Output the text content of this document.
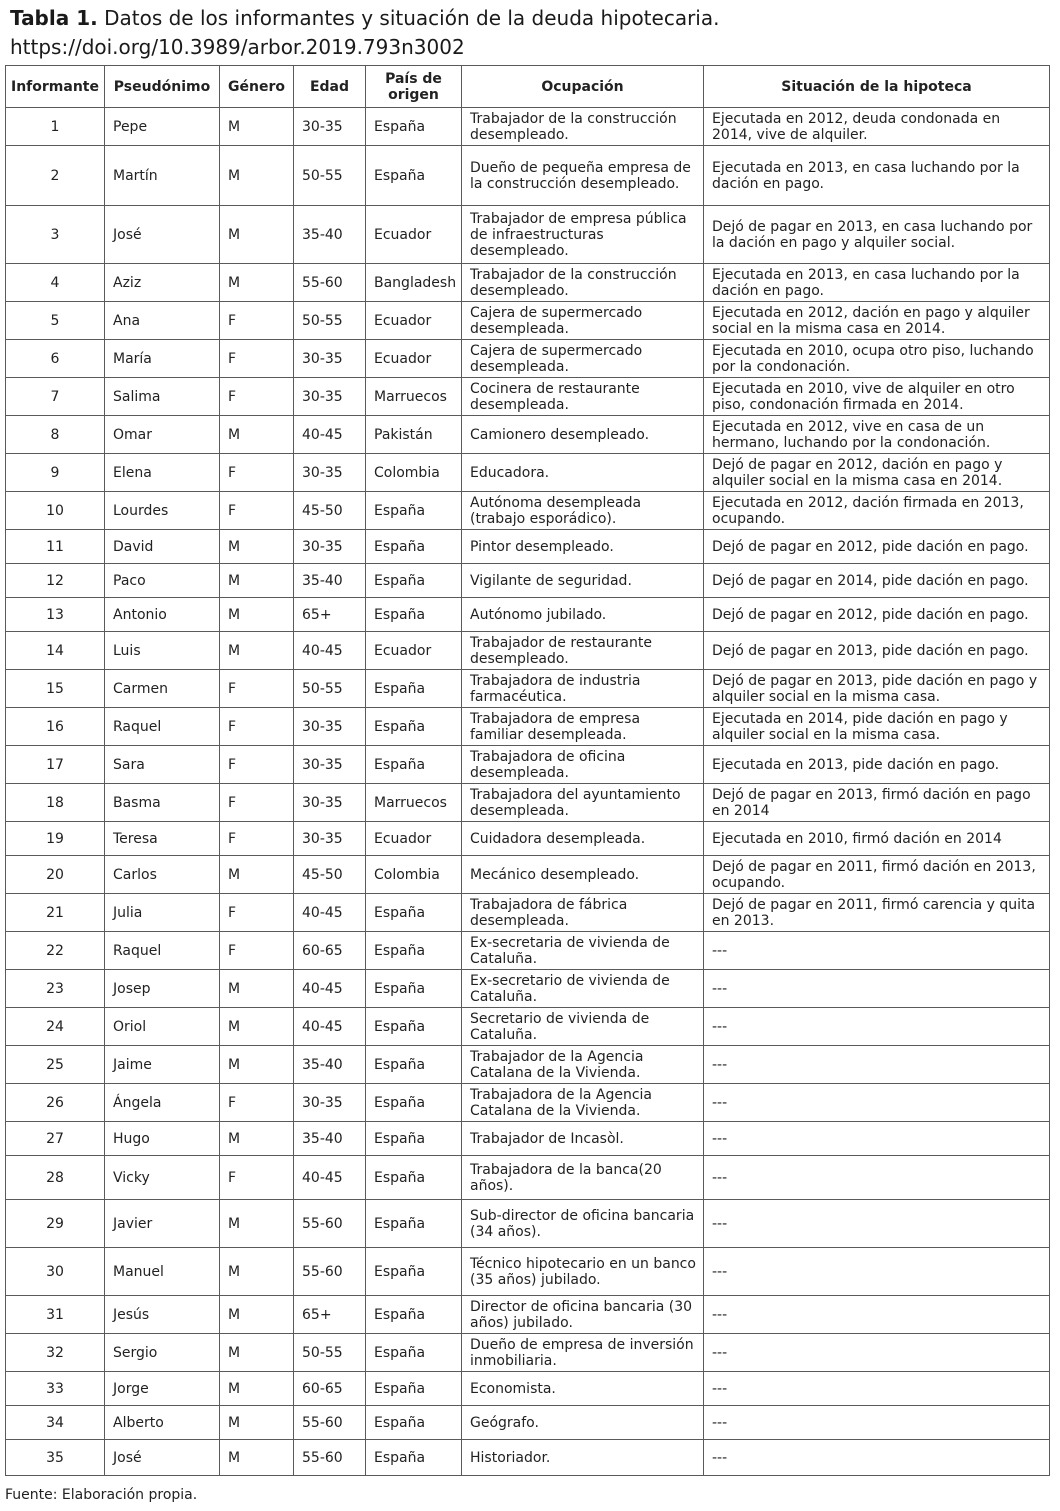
Tabla 1. Datos de los informantes y situación de la deuda hipotecaria.
https://doi.org/10.3989/arbor.2019.793n3002
Informante	Pseudónimo	Género	Edad	País de origen	Ocupación	Situación de la hipoteca
1	Pepe	M	30-35	España	Trabajador de la construcción desempleado.	Ejecutada en 2012, deuda condonada en 2014, vive de alquiler.
2	Martín	M	50-55	España	Dueño de pequeña empresa de la construcción desempleado.	Ejecutada en 2013, en casa luchando por la dación en pago.
3	José	M	35-40	Ecuador	Trabajador de empresa pública de infraestructuras desempleado.	Dejó de pagar en 2013, en casa luchando por la dación en pago y alquiler social.
4	Aziz	M	55-60	Bangladesh	Trabajador de la construcción desempleado.	Ejecutada en 2013, en casa luchando por la dación en pago.
5	Ana	F	50-55	Ecuador	Cajera de supermercado desempleada.	Ejecutada en 2012, dación en pago y alquiler social en la misma casa en 2014.
6	María	F	30-35	Ecuador	Cajera de supermercado desempleada.	Ejecutada en 2010, ocupa otro piso, luchando por la condonación.
7	Salima	F	30-35	Marruecos	Cocinera de restaurante desempleada.	Ejecutada en 2010, vive de alquiler en otro piso, condonación firmada en 2014.
8	Omar	M	40-45	Pakistán	Camionero desempleado.	Ejecutada en 2012, vive en casa de un hermano, luchando por la condonación.
9	Elena	F	30-35	Colombia	Educadora.	Dejó de pagar en 2012, dación en pago y alquiler social en la misma casa en 2014.
10	Lourdes	F	45-50	España	Autónoma desempleada (trabajo esporádico).	Ejecutada en 2012, dación firmada en 2013, ocupando.
11	David	M	30-35	España	Pintor desempleado.	Dejó de pagar en 2012, pide dación en pago.
12	Paco	M	35-40	España	Vigilante de seguridad.	Dejó de pagar en 2014, pide dación en pago.
13	Antonio	M	65+	España	Autónomo jubilado.	Dejó de pagar en 2012, pide dación en pago.
14	Luis	M	40-45	Ecuador	Trabajador de restaurante desempleado.	Dejó de pagar en 2013, pide dación en pago.
15	Carmen	F	50-55	España	Trabajadora de industria farmacéutica.	Dejó de pagar en 2013, pide dación en pago y alquiler social en la misma casa.
16	Raquel	F	30-35	España	Trabajadora de empresa familiar desempleada.	Ejecutada en 2014, pide dación en pago y alquiler social en la misma casa.
17	Sara	F	30-35	España	Trabajadora de oficina desempleada.	Ejecutada en 2013, pide dación en pago.
18	Basma	F	30-35	Marruecos	Trabajadora del ayuntamiento desempleada.	Dejó de pagar en 2013, firmó dación en pago en 2014
19	Teresa	F	30-35	Ecuador	Cuidadora desempleada.	Ejecutada en 2010, firmó dación en 2014
20	Carlos	M	45-50	Colombia	Mecánico desempleado.	Dejó de pagar en 2011, firmó dación en 2013, ocupando.
21	Julia	F	40-45	España	Trabajadora de fábrica desempleada.	Dejó de pagar en 2011, firmó carencia y quita en 2013.
22	Raquel	F	60-65	España	Ex-secretaria de vivienda de Cataluña.	---
23	Josep	M	40-45	España	Ex-secretario de vivienda de Cataluña.	---
24	Oriol	M	40-45	España	Secretario de vivienda de Cataluña.	---
25	Jaime	M	35-40	España	Trabajador de la Agencia Catalana de la Vivienda.	---
26	Ángela	F	30-35	España	Trabajadora de la Agencia Catalana de la Vivienda.	---
27	Hugo	M	35-40	España	Trabajador de Incasòl.	---
28	Vicky	F	40-45	España	Trabajadora de la banca(20 años).	---
29	Javier	M	55-60	España	Sub-director de oficina bancaria (34 años).	---
30	Manuel	M	55-60	España	Técnico hipotecario en un banco (35 años) jubilado.	---
31	Jesús	M	65+	España	Director de oficina bancaria (30 años) jubilado.	---
32	Sergio	M	50-55	España	Dueño de empresa de inversión inmobiliaria.	---
33	Jorge	M	60-65	España	Economista.	---
34	Alberto	M	55-60	España	Geógrafo.	---
35	José	M	55-60	España	Historiador.	---
Fuente: Elaboración propia.
